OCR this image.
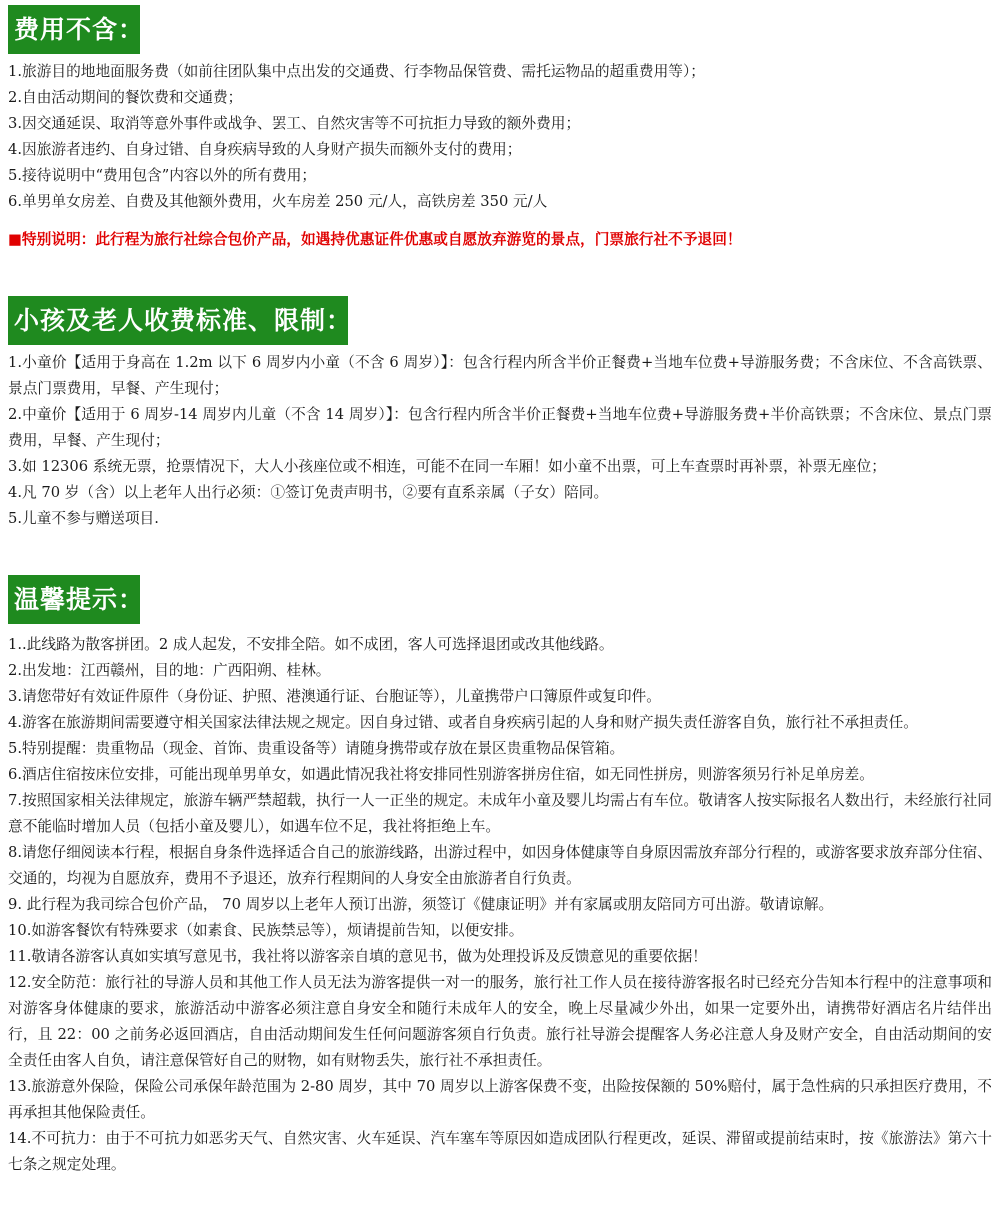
费用不含：
1.旅游目的地地面服务费（如前往团队集中点出发的交通费、行李物品保管费、需托运物品的超重费用等）；
2.自由活动期间的餐饮费和交通费；
3.因交通延误、取消等意外事件或战争、罢工、自然灾害等不可抗拒力导致的额外费用；
4.因旅游者违约、自身过错、自身疾病导致的人身财产损失而额外支付的费用；
5.接待说明中“费用包含”内容以外的所有费用；
6.单男单女房差、自费及其他额外费用，火车房差 250 元/人，高铁房差 350 元/人
■特别说明：此行程为旅行社综合包价产品，如遇持优惠证件优惠或自愿放弃游览的景点，门票旅行社不予退回！
小孩及老人收费标准、限制：
1.小童价【适用于身高在 1.2m 以下 6 周岁内小童（不含 6 周岁）】：包含行程内所含半价正餐费+当地车位费+导游服务费；不含床位、不含高铁票、景点门票费用，早餐、产生现付；
2.中童价【适用于 6 周岁-14 周岁内儿童（不含 14 周岁）】：包含行程内所含半价正餐费+当地车位费+导游服务费+半价高铁票；不含床位、景点门票费用，早餐、产生现付；
3.如 12306 系统无票，抢票情况下，大人小孩座位或不相连，可能不在同一车厢！如小童不出票，可上车查票时再补票，补票无座位；
4.凡 70 岁（含）以上老年人出行必须：①签订免责声明书，②要有直系亲属（子女）陪同。
5.儿童不参与赠送项目.
温馨提示：
1..此线路为散客拼团。2 成人起发，不安排全陪。如不成团，客人可选择退团或改其他线路。
2.出发地：江西赣州，目的地：广西阳朔、桂林。
3.请您带好有效证件原件（身份证、护照、港澳通行证、台胞证等），儿童携带户口簿原件或复印件。
4.游客在旅游期间需要遵守相关国家法律法规之规定。因自身过错、或者自身疾病引起的人身和财产损失责任游客自负，旅行社不承担责任。
5.特别提醒：贵重物品（现金、首饰、贵重设备等）请随身携带或存放在景区贵重物品保管箱。
6.酒店住宿按床位安排，可能出现单男单女，如遇此情况我社将安排同性别游客拼房住宿，如无同性拼房，则游客须另行补足单房差。
7.按照国家相关法律规定，旅游车辆严禁超载，执行一人一正坐的规定。未成年小童及婴儿均需占有车位。敬请客人按实际报名人数出行，未经旅行社同意不能临时增加人员（包括小童及婴儿），如遇车位不足，我社将拒绝上车。
8.请您仔细阅读本行程，根据自身条件选择适合自己的旅游线路，出游过程中，如因身体健康等自身原因需放弃部分行程的，或游客要求放弃部分住宿、交通的，均视为自愿放弃，费用不予退还，放弃行程期间的人身安全由旅游者自行负责。
9. 此行程为我司综合包价产品， 70 周岁以上老年人预订出游，须签订《健康证明》并有家属或朋友陪同方可出游。敬请谅解。
10.如游客餐饮有特殊要求（如素食、民族禁忌等），烦请提前告知，以便安排。
11.敬请各游客认真如实填写意见书，我社将以游客亲自填的意见书，做为处理投诉及反馈意见的重要依据！
12.安全防范：旅行社的导游人员和其他工作人员无法为游客提供一对一的服务，旅行社工作人员在接待游客报名时已经充分告知本行程中的注意事项和对游客身体健康的要求，旅游活动中游客必须注意自身安全和随行未成年人的安全，晚上尽量减少外出，如果一定要外出，请携带好酒店名片结伴出行，且 22：00 之前务必返回酒店，自由活动期间发生任何问题游客须自行负责。旅行社导游会提醒客人务必注意人身及财产安全，自由活动期间的安全责任由客人自负，请注意保管好自己的财物，如有财物丢失，旅行社不承担责任。
13.旅游意外保险，保险公司承保年龄范围为 2-80 周岁，其中 70 周岁以上游客保费不变，出险按保额的 50%赔付，属于急性病的只承担医疗费用，不再承担其他保险责任。
14.不可抗力：由于不可抗力如恶劣天气、自然灾害、火车延误、汽车塞车等原因如造成团队行程更改，延误、滞留或提前结束时，按《旅游法》第六十七条之规定处理。
